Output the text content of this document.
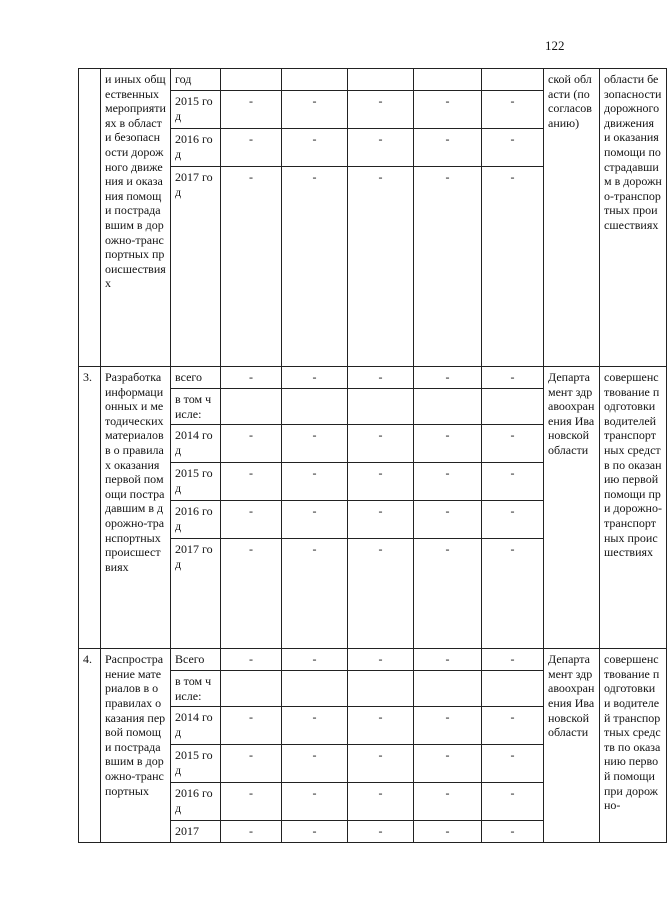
122
	и иных общественных мероприятиях в области безопасности дорожного движения и оказания помощи пострадавшим в дорожно-транспортных происшествиях	год						ской области (по согласованию)	области безопасности дорожного движения и оказания помощи пострадавшим в дорожно-транспортных происшествиях
		2015 год	-	-	-	-	-		
		2016 год	-	-	-	-	-		
		2017 год	-	-	-	-	-		
3.	Разработка информационных и методических материалов в о правилах оказания первой помощи пострадавшим в дорожно-транспортных происшествиях	всего	-	-	-	-	-	Департамент здравоохранения Ивановской области	совершенствование подготовки водителей транспортных средств по оказанию первой помощи при дорожно-транспортных происшествиях
		в том числе:							
		2014 год	-	-	-	-	-		
		2015 год	-	-	-	-	-		
		2016 год	-	-	-	-	-		
		2017 год	-	-	-	-	-		
4.	Распространение материалов в о правилах оказания первой помощи пострадавшим в дорожно-транспортных	Всего	-	-	-	-	-	Департамент здравоохранения Ивановской области	совершенствование подготовки и водителей транспортных средств по оказанию первой помощи при дорожно-
		в том числе:							
		2014 год	-	-	-	-	-		
		2015 год	-	-	-	-	-		
		2016 год	-	-	-	-	-		
		2017	-	-	-	-	-		
